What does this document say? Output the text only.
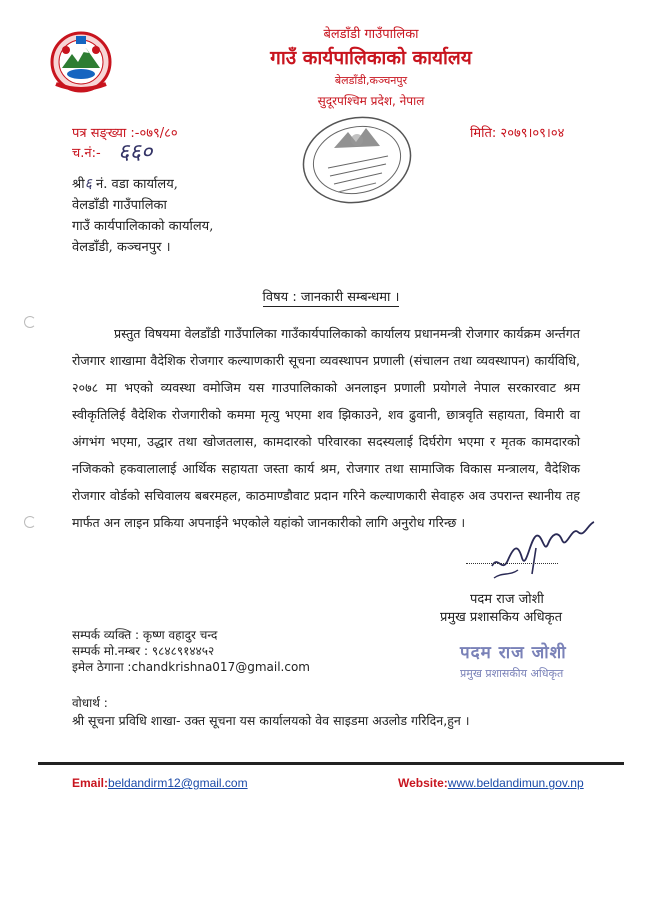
बेलडाँडी गाउँपालिका
गाउँ कार्यपालिकाको कार्यालय
बेलडाँडी,कञ्चनपुर
सुदूरपश्चिम प्रदेश, नेपाल
पत्र सङ्ख्या :-०७९/८०	मिति: २०७९।०९।०४
च.नं:- ६६०
श्री६ नं. वडा कार्यालय,
वेलडाँडी गाउँपालिका
गाउँ कार्यपालिकाको कार्यालय,
वेलडाँडी, कञ्चनपुर ।
विषय : जानकारी सम्बन्धमा ।
प्रस्तुत विषयमा वेलडाँडी गाउँपालिका गाउँकार्यपालिकाको कार्यालय प्रधानमन्त्री रोजगार कार्यक्रम अर्न्तगत रोजगार शाखामा वैदेशिक रोजगार कल्याणकारी सूचना व्यवस्थापन प्रणाली (संचालन तथा व्यवस्थापन) कार्यविधि, २०७८ मा भएको व्यवस्था वमोजिम यस गाउपालिकाको अनलाइन प्रणाली प्रयोगले नेपाल सरकारवाट श्रम स्वीकृतिलिई वैदेशिक रोजगारीको कममा मृत्यु भएमा शव झिकाउने, शव ढुवानी, छात्रवृति सहायता, विमारी वा अंगभंग भएमा, उद्धार तथा खोजतलास, कामदारको परिवारका सदस्यलाई दिर्घरोग भएमा र मृतक कामदारको नजिकको हकवालालाई आर्थिक सहायता जस्ता कार्य श्रम, रोजगार तथा सामाजिक विकास मन्त्रालय, वैदेशिक रोजगार वोर्डको सचिवालय बबरमहल, काठमाण्डौवाट प्रदान गरिने कल्याणकारी सेवाहरु अव उपरान्त स्थानीय तह मार्फत अन लाइन प्रकिया अपनाईने भएकोले यहांको जानकारीको लागि अनुरोध गरिन्छ ।
पदम राज जोशी
प्रमुख प्रशासकिय अधिकृत
पदम राज जोशी
प्रमुख प्रशासकीय अधिकृत
सम्पर्क व्यक्ति : कृष्ण वहादुर चन्द
सम्पर्क मो.नम्बर : ९८४८९१४४५२
इमेल ठेगाना :chandkrishna017@gmail.com
वोधार्थ :
श्री सूचना प्रविधि शाखा- उक्त सूचना यस कार्यालयको वेव साइडमा अउलोड गरिदिन,हुन ।
Email:beldandirm12@gmail.com	Website:www.beldandimun.gov.np
